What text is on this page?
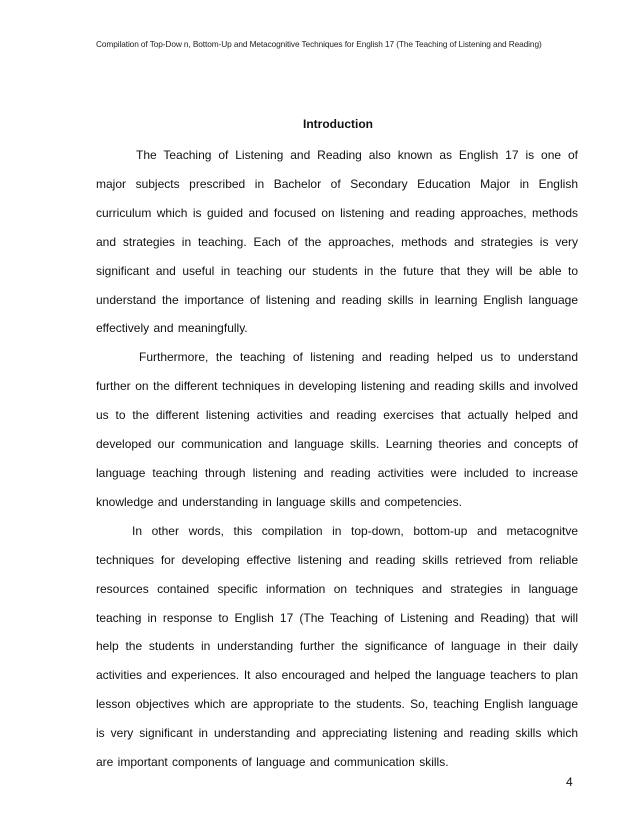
Compilation of Top-Dow n, Bottom-Up and Metacognitive Techniques for English 17 (The Teaching of Listening and Reading)
Introduction

The Teaching of Listening and Reading also known as English 17 is one of major subjects prescribed in Bachelor of Secondary Education Major in English curriculum which is guided and focused on listening and reading approaches, methods and strategies in teaching. Each of the approaches, methods and strategies is very significant and useful in teaching our students in the future that they will be able to understand the importance of listening and reading skills in learning English language effectively and meaningfully.

Furthermore, the teaching of listening and reading helped us to understand further on the different techniques in developing listening and reading skills and involved us to the different listening activities and reading exercises that actually helped and developed our communication and language skills. Learning theories and concepts of language teaching through listening and reading activities were included to increase knowledge and understanding in language skills and competencies.

In other words, this compilation in top-down, bottom-up and metacognitve techniques for developing effective listening and reading skills retrieved from reliable resources contained specific information on techniques and strategies in language teaching in response to English 17 (The Teaching of Listening and Reading) that will help the students in understanding further the significance of language in their daily activities and experiences. It also encouraged and helped the language teachers to plan lesson objectives which are appropriate to the students. So, teaching English language is very significant in understanding and appreciating listening and reading skills which are important components of language and communication skills.

4
